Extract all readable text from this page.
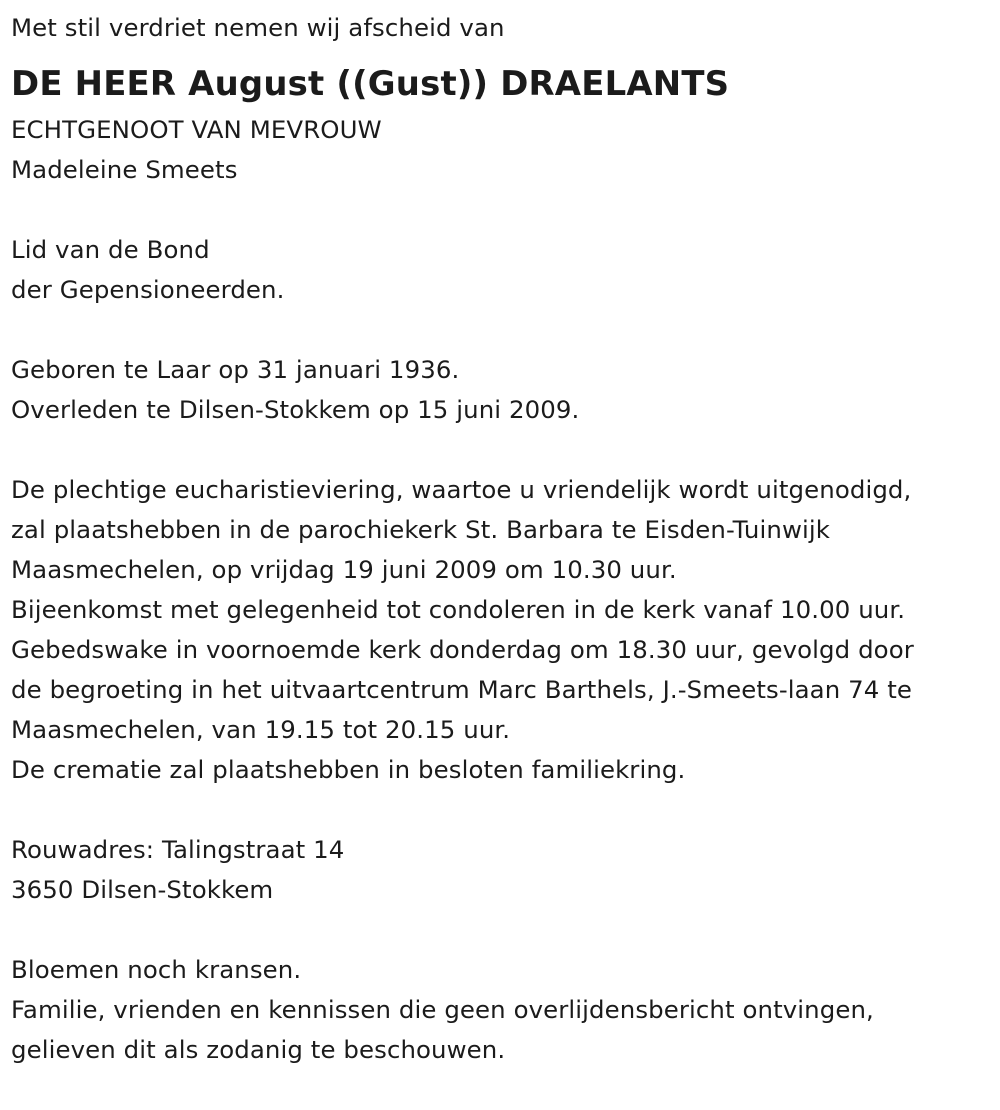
Met stil verdriet nemen wij afscheid van
DE HEER August ((Gust)) DRAELANTS
ECHTGENOOT VAN MEVROUW
Madeleine Smeets
Lid van de Bond
der Gepensioneerden.
Geboren te Laar op 31 januari 1936.
Overleden te Dilsen-Stokkem op 15 juni 2009.
De plechtige eucharistieviering, waartoe u vriendelijk wordt uitgenodigd,
zal plaatshebben in de parochiekerk St. Barbara te Eisden-Tuinwijk
Maasmechelen, op vrijdag 19 juni 2009 om 10.30 uur.
Bijeenkomst met gelegenheid tot condoleren in de kerk vanaf 10.00 uur.
Gebedswake in voornoemde kerk donderdag om 18.30 uur, gevolgd door
de begroeting in het uitvaartcentrum Marc Barthels, J.-Smeets-laan 74 te
Maasmechelen, van 19.15 tot 20.15 uur.
De crematie zal plaatshebben in besloten familiekring.
Rouwadres: Talingstraat 14
3650 Dilsen-Stokkem
Bloemen noch kransen.
Familie, vrienden en kennissen die geen overlijdensbericht ontvingen,
gelieven dit als zodanig te beschouwen.
